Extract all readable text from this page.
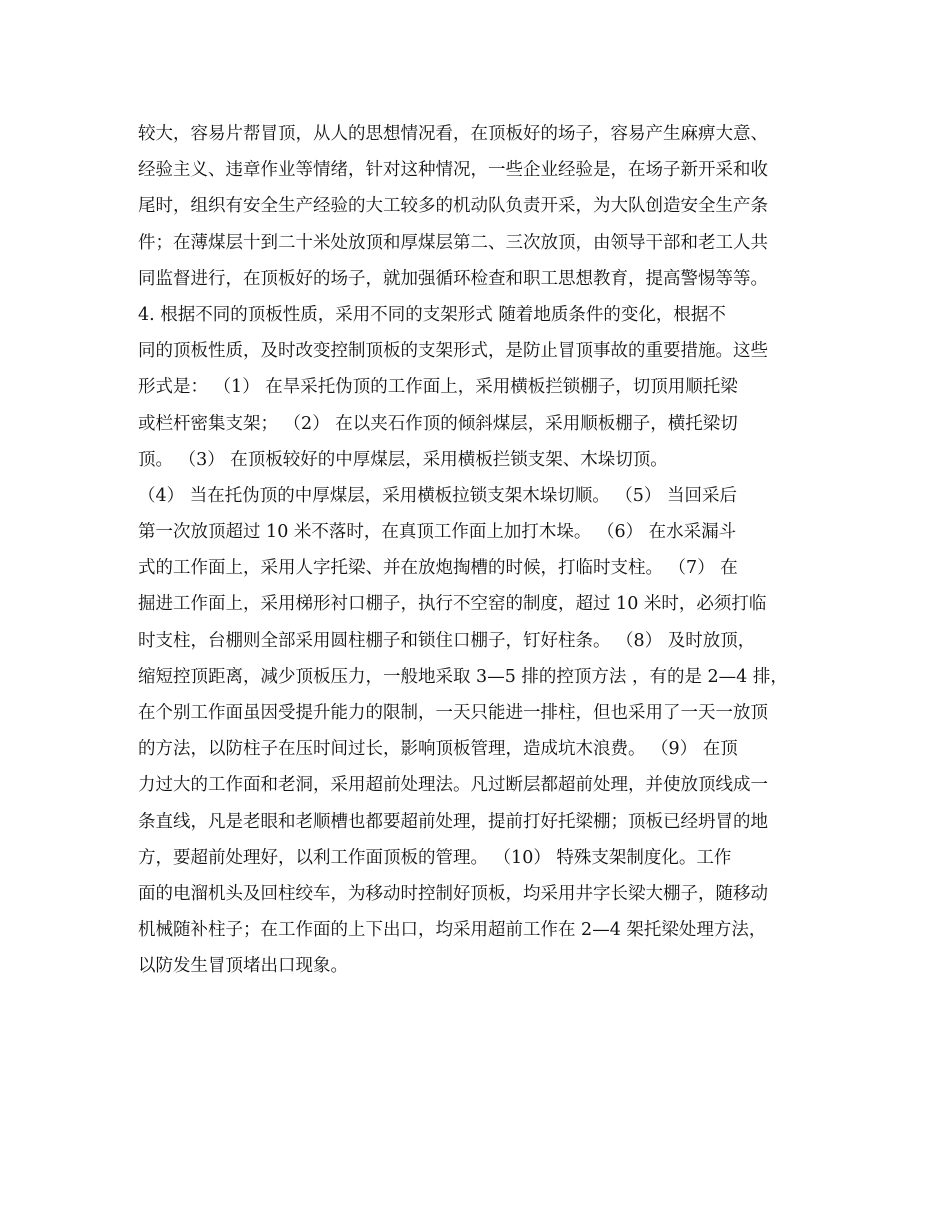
较大，容易片帮冒顶，从人的思想情况看，在顶板好的场子，容易产生麻痹大意、
经验主义、违章作业等情绪，针对这种情况，一些企业经验是，在场子新开采和收
尾时，组织有安全生产经验的大工较多的机动队负责开采，为大队创造安全生产条
件；在薄煤层十到二十米处放顶和厚煤层第二、三次放顶，由领导干部和老工人共
同监督进行，在顶板好的场子，就加强循环检查和职工思想教育，提高警惕等等。
4. 根据不同的顶板性质，采用不同的支架形式 随着地质条件的变化，根据不
同的顶板性质，及时改变控制顶板的支架形式，是防止冒顶事故的重要措施。这些
形式是： （1） 在旱采托伪顶的工作面上，采用横板拦锁棚子，切顶用顺托梁
或栏杆密集支架； （2） 在以夹石作顶的倾斜煤层，采用顺板棚子，横托梁切
顶。 （3） 在顶板较好的中厚煤层，采用横板拦锁支架、木垛切顶。
（4） 当在托伪顶的中厚煤层，采用横板拉锁支架木垛切顺。 （5） 当回采后
第一次放顶超过 10 米不落时，在真顶工作面上加打木垛。 （6） 在水采漏斗
式的工作面上，采用人字托梁、并在放炮掏槽的时候，打临时支柱。 （7） 在
掘进工作面上，采用梯形衬口棚子，执行不空窑的制度，超过 10 米时，必须打临
时支柱，台棚则全部采用圆柱棚子和锁住口棚子，钉好柱条。 （8） 及时放顶，
缩短控顶距离，减少顶板压力，一般地采取 3—5 排的控顶方法 ，有的是 2—4 排，
在个别工作面虽因受提升能力的限制，一天只能进一排柱，但也采用了一天一放顶
的方法，以防柱子在压时间过长，影响顶板管理，造成坑木浪费。 （9） 在顶
力过大的工作面和老洞，采用超前处理法。凡过断层都超前处理，并使放顶线成一
条直线，凡是老眼和老顺槽也都要超前处理，提前打好托梁棚；顶板已经坍冒的地
方，要超前处理好，以利工作面顶板的管理。 （10） 特殊支架制度化。工作
面的电溜机头及回柱绞车，为移动时控制好顶板，均采用井字长梁大棚子，随移动
机械随补柱子；在工作面的上下出口，均采用超前工作在 2—4 架托梁处理方法，
以防发生冒顶堵出口现象。
